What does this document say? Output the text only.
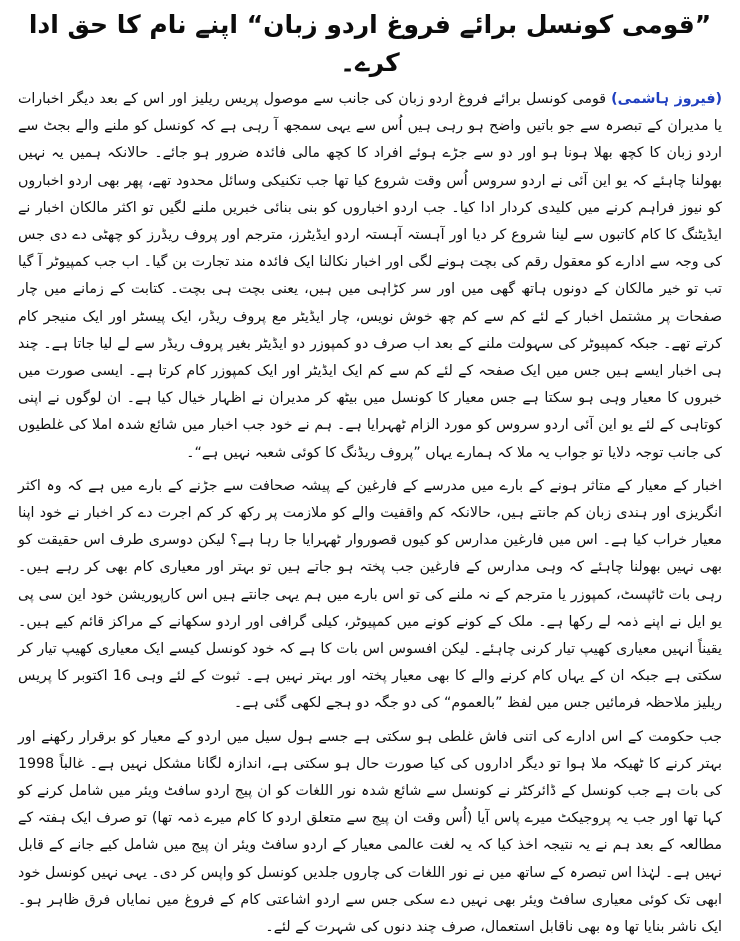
”قومی کونسل برائے فروغ اردو زبان“ اپنے نام کا حق ادا کرے۔

(فیروز ہاشمی) قومی کونسل برائے فروغ اردو زبان کی جانب سے موصول پریس ریلیز اور اس کے بعد دیگر اخبارات یا مدیران کے تبصرہ سے جو باتیں واضح ہو رہی ہیں اُس سے یہی سمجھ آ رہی ہے کہ کونسل کو ملنے والے بجٹ سے اردو زبان کا کچھ بھلا ہونا ہو اور دو سے جڑے ہوئے افراد کا کچھ مالی فائدہ ضرور ہو جائے۔ حالانکہ ہمیں یہ نہیں بھولنا چاہئے کہ یو این آئی نے اردو سروس اُس وقت شروع کیا تھا جب تکنیکی وسائل محدود تھے، پھر بھی اردو اخباروں کو نیوز فراہم کرنے میں کلیدی کردار ادا کیا۔ جب اردو اخباروں کو بنی بنائی خبریں ملنے لگیں تو اکثر مالکان اخبار نے ایڈیٹنگ کا کام کاتبوں سے لینا شروع کر دیا اور آہستہ آہستہ اردو ایڈیٹرز، مترجم اور پروف ریڈرز کو چھٹی دے دی جس کی وجہ سے ادارے کو معقول رقم کی بچت ہونے لگی اور اخبار نکالنا ایک فائدہ مند تجارت بن گیا۔ اب جب کمپیوٹر آ گیا تب تو خیر مالکان کے دونوں ہاتھ گھی میں اور سر کڑاہی میں ہیں، یعنی بچت ہی بچت۔ کتابت کے زمانے میں چار صفحات پر مشتمل اخبار کے لئے کم سے کم چھ خوش نویس، چار ایڈیٹر مع پروف ریڈر، ایک پیسٹر اور ایک منیجر کام کرتے تھے۔ جبکہ کمپیوٹر کی سہولت ملنے کے بعد اب صرف دو کمپوزر دو ایڈیٹر بغیر پروف ریڈر سے لے لیا جاتا ہے۔ چند ہی اخبار ایسے ہیں جس میں ایک صفحہ کے لئے کم سے کم ایک ایڈیٹر اور ایک کمپوزر کام کرتا ہے۔ ایسی صورت میں خبروں کا معیار وہی ہو سکتا ہے جس معیار کا کونسل میں بیٹھ کر مدیران نے اظہار خیال کیا ہے۔ ان لوگوں نے اپنی کوتاہی کے لئے یو این آئی اردو سروس کو مورد الزام ٹھہرایا ہے۔ ہم نے خود جب اخبار میں شائع شدہ املا کی غلطیوں کی جانب توجہ دلایا تو جواب یہ ملا کہ ہمارے یہاں ”پروف ریڈنگ کا کوئی شعبہ نہیں ہے“۔

اخبار کے معیار کے متاثر ہونے کے بارے میں مدرسے کے فارغین کے پیشہ صحافت سے جڑنے کے بارے میں ہے کہ وہ اکثر انگریزی اور ہندی زبان کم جانتے ہیں، حالانکہ کم واقفیت والے کو ملازمت پر رکھ کر کم اجرت دے کر اخبار نے خود اپنا معیار خراب کیا ہے۔ اس میں فارغین مدارس کو کیوں قصوروار ٹھہرایا جا رہا ہے؟ لیکن دوسری طرف اس حقیقت کو بھی نہیں بھولنا چاہئے کہ وہی مدارس کے فارغین جب پختہ ہو جاتے ہیں تو بہتر اور معیاری کام بھی کر رہے ہیں۔ رہی بات ٹائپسٹ، کمپوزر یا مترجم کے نہ ملنے کی تو اس بارے میں ہم یہی جانتے ہیں اس کارپوریشن خود این سی پی یو ایل نے اپنے ذمہ لے رکھا ہے۔ ملک کے کونے کونے میں کمپیوٹر، کیلی گرافی اور اردو سکھانے کے مراکز قائم کیے ہیں۔ یقیناً انہیں معیاری کھیپ تیار کرنی چاہئے۔ لیکن افسوس اس بات کا ہے کہ خود کونسل کیسے ایک معیاری کھیپ تیار کر سکتی ہے جبکہ ان کے یہاں کام کرنے والے کا بھی معیار پختہ اور بہتر نہیں ہے۔ ثبوت کے لئے وہی 16 اکتوبر کا پریس ریلیز ملاحظہ فرمائیں جس میں لفظ ”بالعموم“ کی دو جگہ دو ہجے لکھی گئی ہے۔

جب حکومت کے اس ادارے کی اتنی فاش غلطی ہو سکتی ہے جسے ہول سیل میں اردو کے معیار کو برقرار رکھنے اور بہتر کرنے کا ٹھیکہ ملا ہوا تو دیگر اداروں کی کیا صورت حال ہو سکتی ہے، اندازہ لگانا مشکل نہیں ہے۔ غالباً 1998 کی بات ہے جب کونسل کے ڈائرکٹر نے کونسل سے شائع شدہ نور اللغات کو ان پیج اردو سافٹ ویئر میں شامل کرنے کو کہا تھا اور جب یہ پروجیکٹ میرے پاس آیا (اُس وقت ان پیج سے متعلق اردو کا کام میرے ذمہ تھا) تو صرف ایک ہفتہ کے مطالعہ کے بعد ہم نے یہ نتیجہ اخذ کیا کہ یہ لغت عالمی معیار کے اردو سافٹ ویئر ان پیج میں شامل کیے جانے کے قابل نہیں ہے۔ لہٰذا اس تبصرہ کے ساتھ میں نے نور اللغات کی چاروں جلدیں کونسل کو واپس کر دی۔ یہی نہیں کونسل خود ابھی تک کوئی معیاری سافٹ ویئر بھی نہیں دے سکی جس سے اردو اشاعتی کام کے فروغ میں نمایاں فرق ظاہر ہو۔ ایک ناشر بنایا تھا وہ بھی ناقابل استعمال، صرف چند دنوں کی شہرت کے لئے۔
